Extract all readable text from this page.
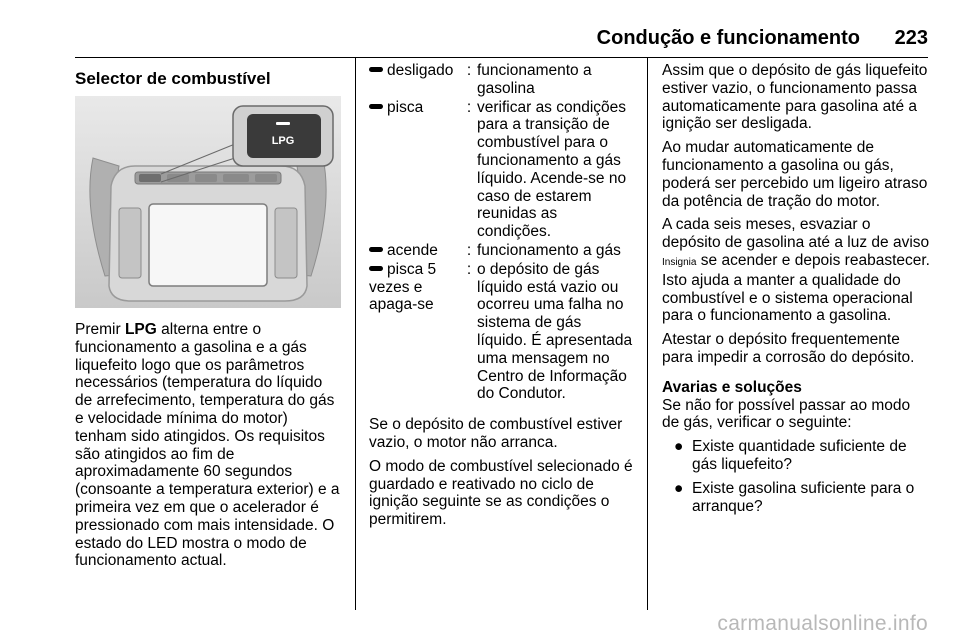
Condução e funcionamento 223
Selector de combustível

Premir LPG alterna entre o funcionamento a gasolina e a gás liquefeito logo que os parâmetros necessários (temperatura do líquido de arrefecimento, temperatura do gás e velocidade mínima do motor) tenham sido atingidos. Os requisitos são atingidos ao fim de aproximadamente 60 segundos (consoante a temperatura exterior) e a primeira vez em que o acelerador é pressionado com mais intensidade. O estado do LED mostra o modo de funcionamento actual.

LPG
desligado	:	funcionamento a gasolina
pisca	:	verificar as condições para a transição de combustível para o funcionamento a gás líquido. Acende-se no caso de estarem reunidas as condições.
acende	:	funcionamento a gás
pisca 5 vezes e apaga-se	:	o depósito de gás líquido está vazio ou ocorreu uma falha no sistema de gás líquido. É apresentada uma mensagem no Centro de Informação do Condutor.

Se o depósito de combustível estiver vazio, o motor não arranca.

O modo de combustível selecionado é guardado e reativado no ciclo de ignição seguinte se as condições o permitirem.

Assim que o depósito de gás liquefeito estiver vazio, o funcionamento passa automaticamente para gasolina até a ignição ser desligada.

Ao mudar automaticamente de funcionamento a gasolina ou gás, poderá ser percebido um ligeiro atraso da potência de tração do motor.

A cada seis meses, esvaziar o depósito de gasolina até a luz de aviso Insignia se acender e depois reabastecer. Isto ajuda a manter a qualidade do combustível e o sistema operacional para o funcionamento a gasolina.

Atestar o depósito frequentemente para impedir a corrosão do depósito.

Avarias e soluções

Se não for possível passar ao modo de gás, verificar o seguinte:

● Existe quantidade suficiente de gás liquefeito?
● Existe gasolina suficiente para o arranque?
carmanualsonline.info
